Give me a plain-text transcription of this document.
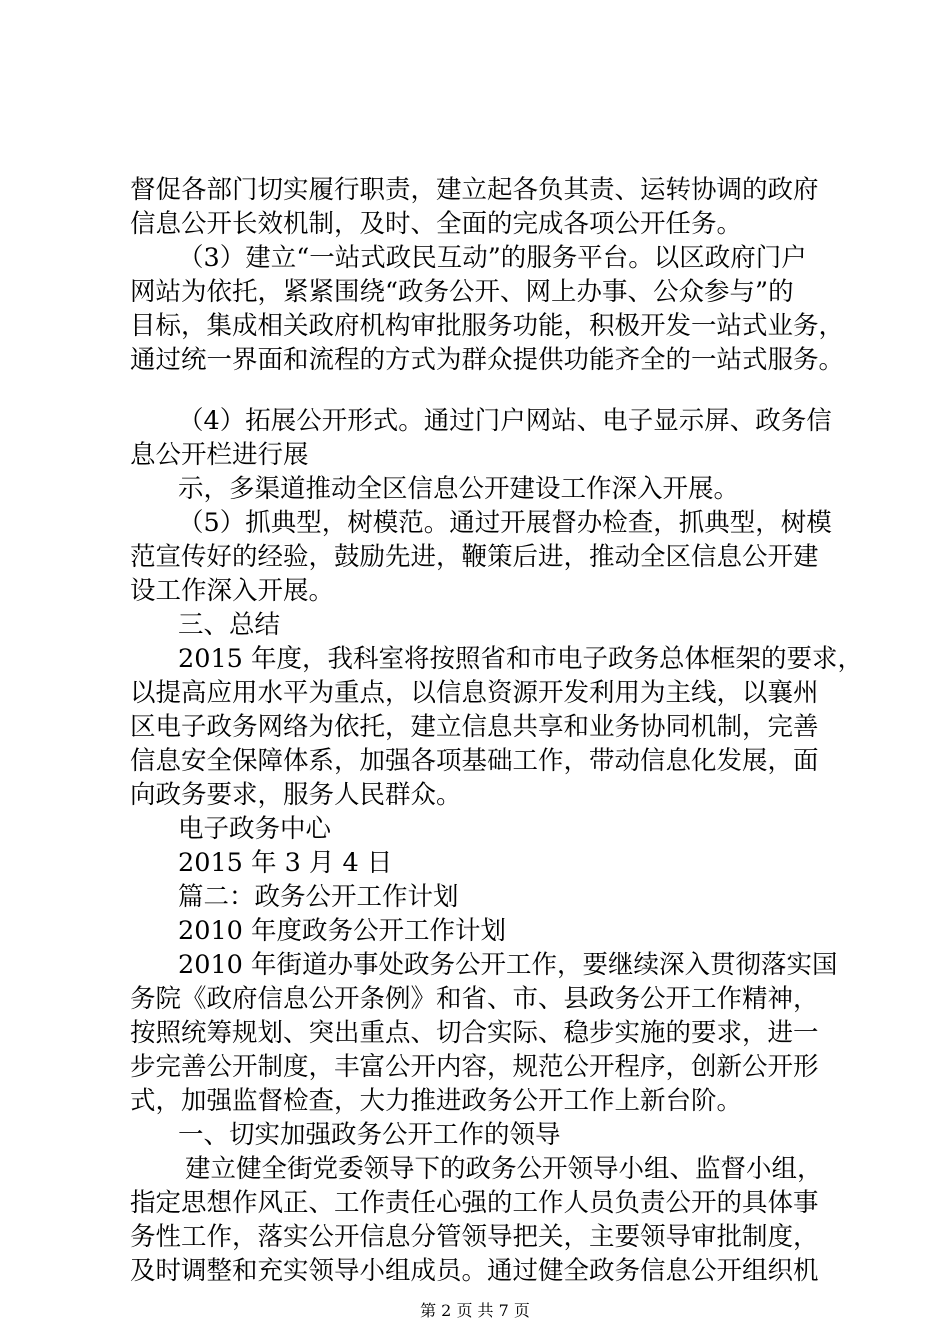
督促各部门切实履行职责，建立起各负其责、运转协调的政府
信息公开长效机制，及时、全面的完成各项公开任务。
（3）建立“一站式政民互动”的服务平台。以区政府门户
网站为依托，紧紧围绕“政务公开、网上办事、公众参与”的
目标，集成相关政府机构审批服务功能，积极开发一站式业务，
通过统一界面和流程的方式为群众提供功能齐全的一站式服务。
（4）拓展公开形式。通过门户网站、电子显示屏、政务信
息公开栏进行展
示，多渠道推动全区信息公开建设工作深入开展。
（5）抓典型，树模范。通过开展督办检查，抓典型，树模
范宣传好的经验，鼓励先进，鞭策后进，推动全区信息公开建
设工作深入开展。
三、总结
2015 年度，我科室将按照省和市电子政务总体框架的要求，
以提高应用水平为重点，以信息资源开发利用为主线，以襄州
区电子政务网络为依托，建立信息共享和业务协同机制，完善
信息安全保障体系，加强各项基础工作，带动信息化发展，面
向政务要求，服务人民群众。
电子政务中心
2015 年 3 月 4 日
篇二：政务公开工作计划
2010 年度政务公开工作计划
2010 年街道办事处政务公开工作，要继续深入贯彻落实国
务院《政府信息公开条例》和省、市、县政务公开工作精神，
按照统筹规划、突出重点、切合实际、稳步实施的要求，进一
步完善公开制度，丰富公开内容，规范公开程序，创新公开形
式，加强监督检查，大力推进政务公开工作上新台阶。
一、切实加强政务公开工作的领导
建立健全街党委领导下的政务公开领导小组、监督小组，
指定思想作风正、工作责任心强的工作人员负责公开的具体事
务性工作，落实公开信息分管领导把关，主要领导审批制度，
及时调整和充实领导小组成员。通过健全政务信息公开组织机
第 2 页 共 7 页
